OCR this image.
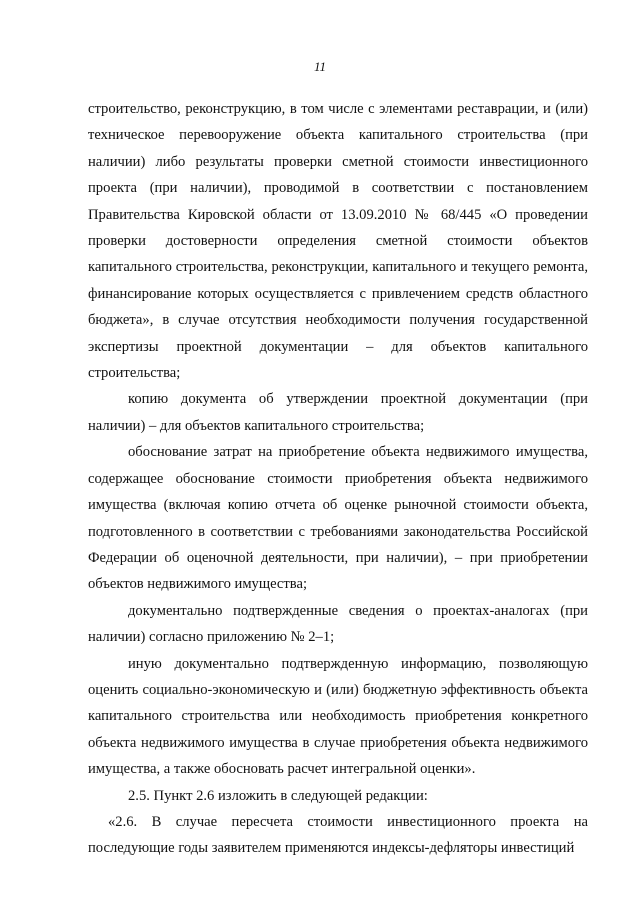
11

строительство, реконструкцию, в том числе с элементами реставрации, и (или) техническое перевооружение объекта капитального строительства (при наличии) либо результаты проверки сметной стоимости инвестиционного проекта (при наличии), проводимой в соответствии с постановлением Правительства Кировской области от 13.09.2010 № 68/445 «О проведении проверки достоверности определения сметной стоимости объектов капитального строительства, реконструкции, капитального и текущего ремонта, финансирование которых осуществляется с привлечением средств областного бюджета», в случае отсутствия необходимости получения государственной экспертизы проектной документации – для объектов капитального строительства;

копию документа об утверждении проектной документации (при наличии) – для объектов капитального строительства;

обоснование затрат на приобретение объекта недвижимого имущества, содержащее обоснование стоимости приобретения объекта недвижимого имущества (включая копию отчета об оценке рыночной стоимости объекта, подготовленного в соответствии с требованиями законодательства Российской Федерации об оценочной деятельности, при наличии), – при приобретении объектов недвижимого имущества;

документально подтвержденные сведения о проектах-аналогах (при наличии) согласно приложению № 2–1;

иную документально подтвержденную информацию, позволяющую оценить социально-экономическую и (или) бюджетную эффективность объекта капитального строительства или необходимость приобретения конкретного объекта недвижимого имущества в случае приобретения объекта недвижимого имущества, а также обосновать расчет интегральной оценки».

2.5. Пункт 2.6 изложить в следующей редакции:

«2.6. В случае пересчета стоимости инвестиционного проекта на последующие годы заявителем применяются индексы-дефляторы инвестиций
